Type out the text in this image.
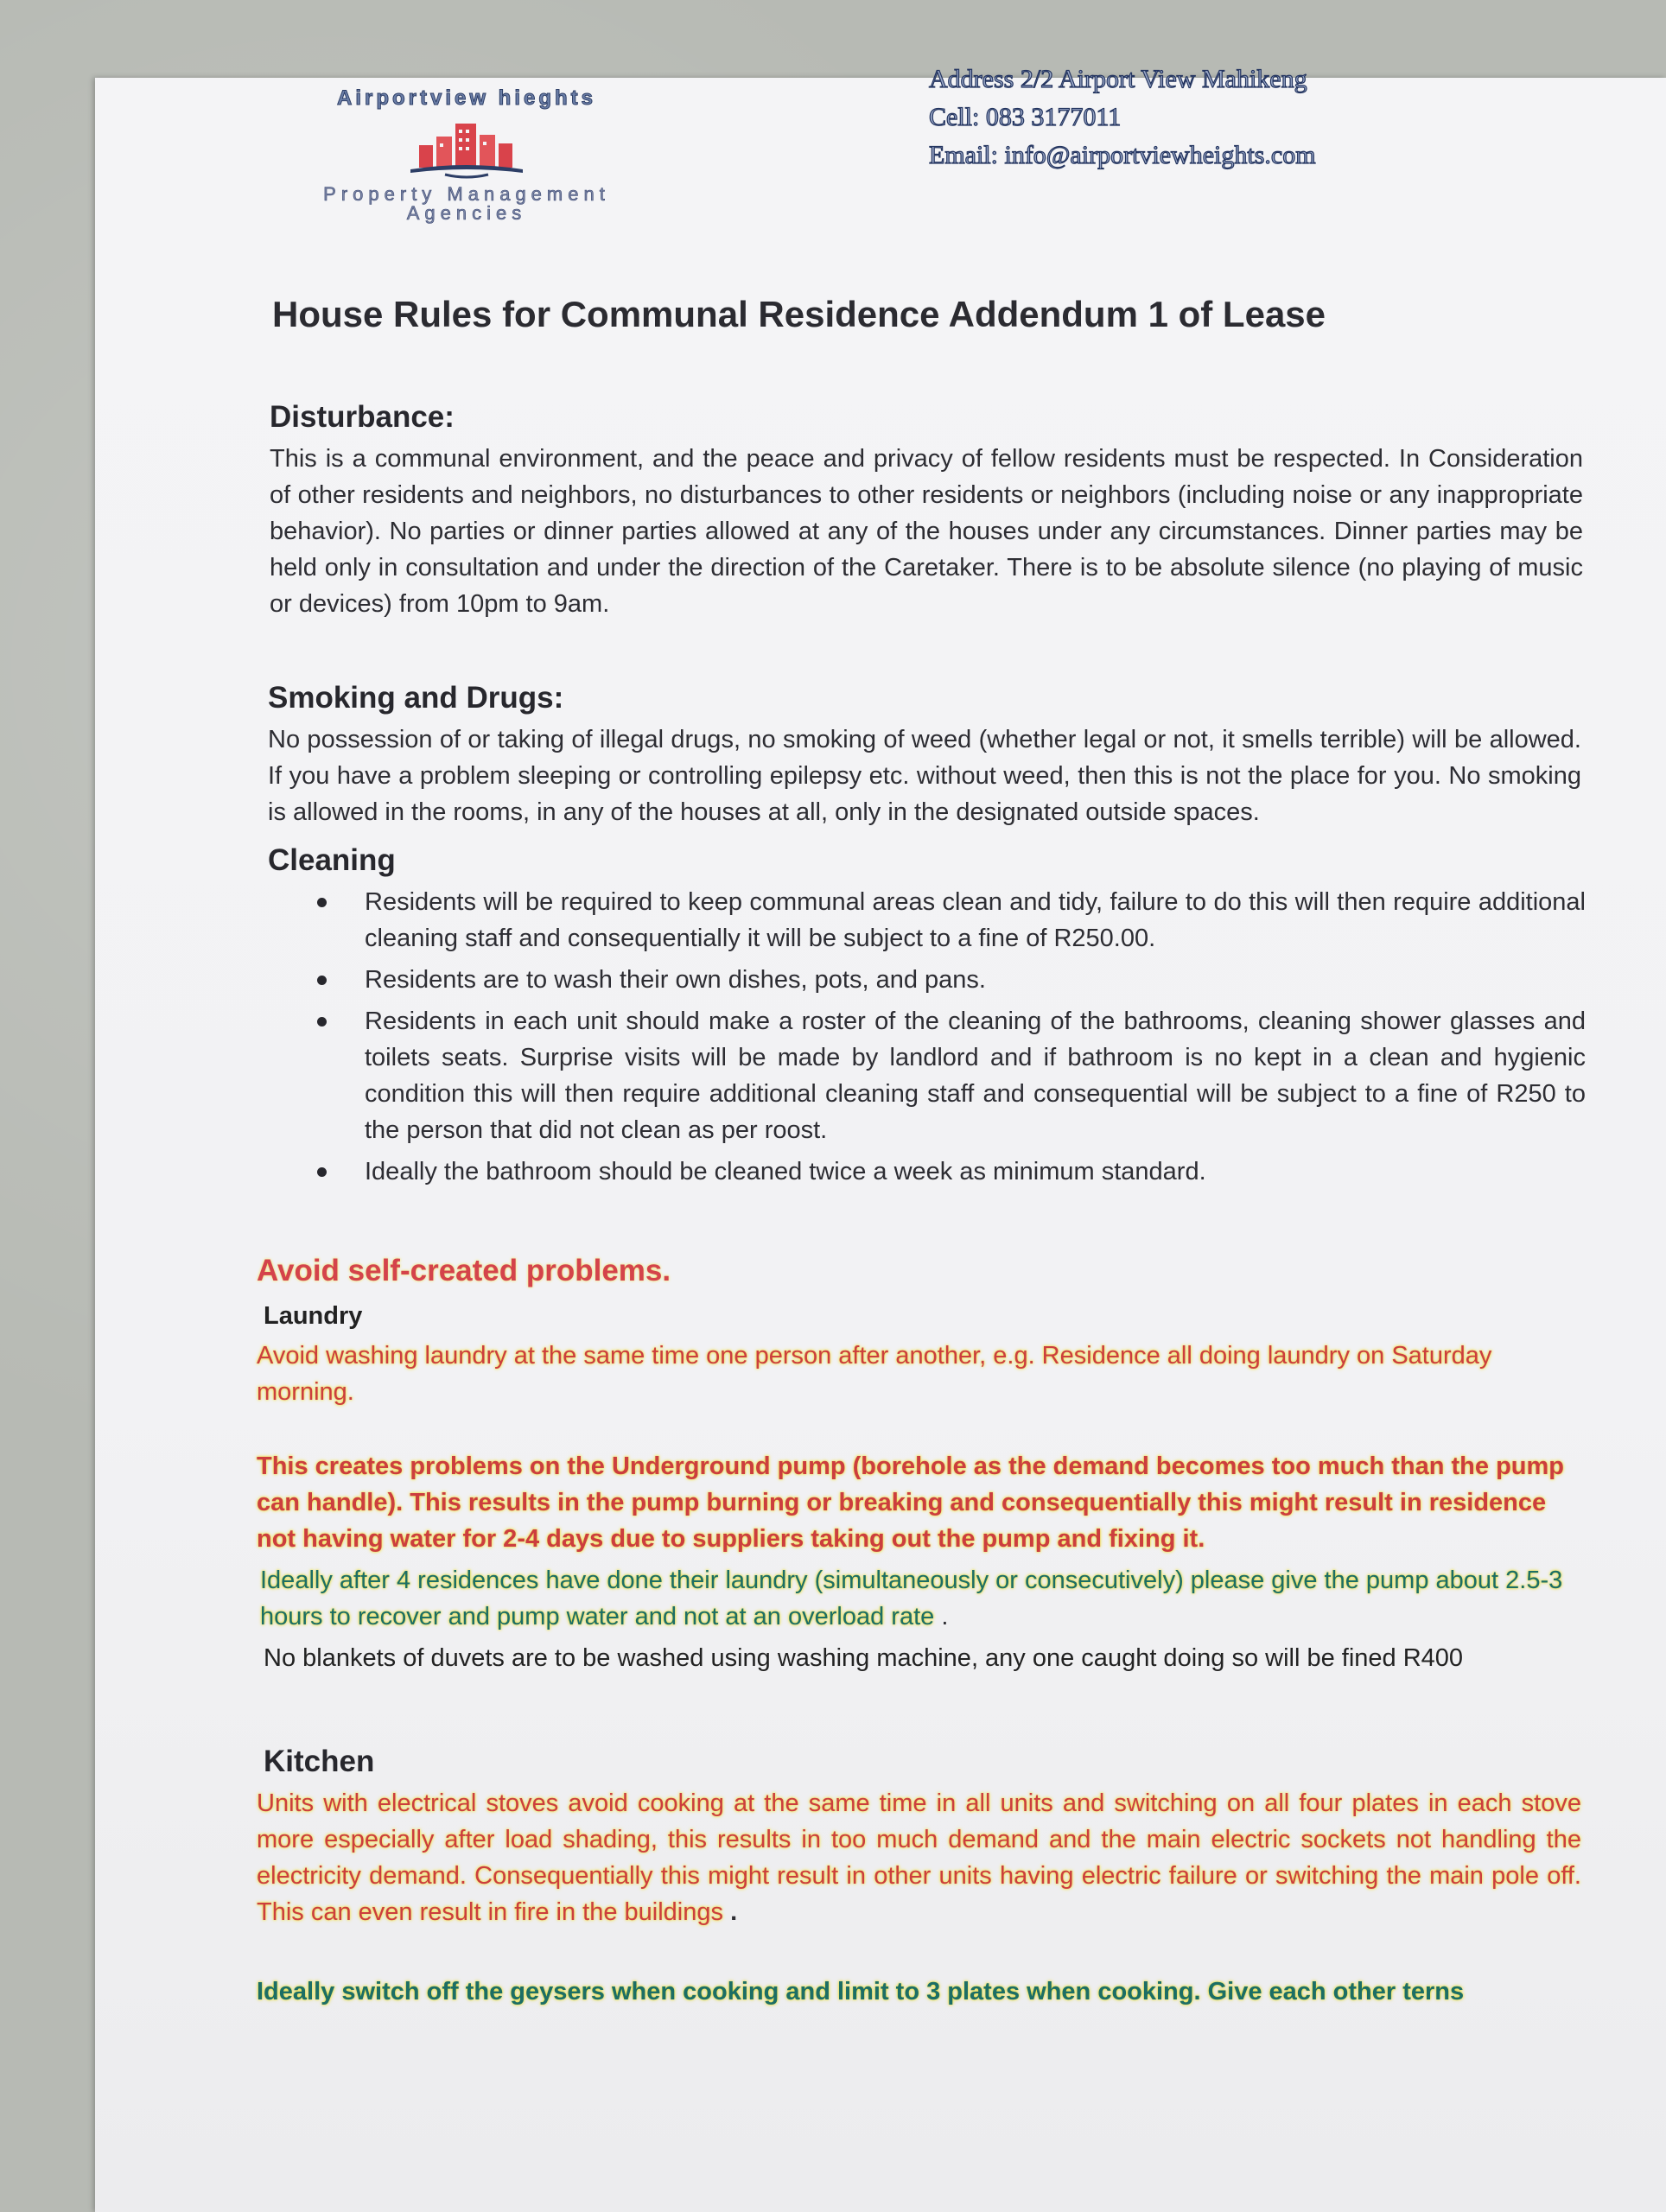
Airportview hieghts
Property Management
Agencies
Address 2/2 Airport View Mahikeng
Cell: 083 3177011
Email: info@airportviewheights.com
House Rules for Communal Residence Addendum 1 of Lease
Disturbance:
This is a communal environment, and the peace and privacy of fellow residents must be respected. In Consideration of other residents and neighbors, no disturbances to other residents or neighbors (including noise or any inappropriate behavior). No parties or dinner parties allowed at any of the houses under any circumstances. Dinner parties may be held only in consultation and under the direction of the Caretaker. There is to be absolute silence (no playing of music or devices) from 10pm to 9am.
Smoking and Drugs:
No possession of or taking of illegal drugs, no smoking of weed (whether legal or not, it smells terrible) will be allowed. If you have a problem sleeping or controlling epilepsy etc. without weed, then this is not the place for you. No smoking is allowed in the rooms, in any of the houses at all, only in the designated outside spaces.
Cleaning
Residents will be required to keep communal areas clean and tidy, failure to do this will then require additional cleaning staff and consequentially it will be subject to a fine of R250.00.
Residents are to wash their own dishes, pots, and pans.
Residents in each unit should make a roster of the cleaning of the bathrooms, cleaning shower glasses and toilets seats. Surprise visits will be made by landlord and if bathroom is no kept in a clean and hygienic condition this will then require additional cleaning staff and consequential will be subject to a fine of R250 to the person that did not clean as per roost.
Ideally the bathroom should be cleaned twice a week as minimum standard.
Avoid self-created problems.
Laundry
Avoid washing laundry at the same time one person after another, e.g. Residence all doing laundry on Saturday morning.
This creates problems on the Underground pump (borehole as the demand becomes too much than the pump can handle). This results in the pump burning or breaking and consequentially this might result in residence not having water for 2-4 days due to suppliers taking out the pump and fixing it.
Ideally after 4 residences have done their laundry (simultaneously or consecutively) please give the pump about 2.5-3 hours to recover and pump water and not at an overload rate .
No blankets of duvets are to be washed using washing machine, any one caught doing so will be fined R400
Kitchen
Units with electrical stoves avoid cooking at the same time in all units and switching on all four plates in each stove more especially after load shading, this results in too much demand and the main electric sockets not handling the electricity demand. Consequentially this might result in other units having electric failure or switching the main pole off. This can even result in fire in the buildings .
Ideally switch off the geysers when cooking and limit to 3 plates when cooking. Give each other terns
